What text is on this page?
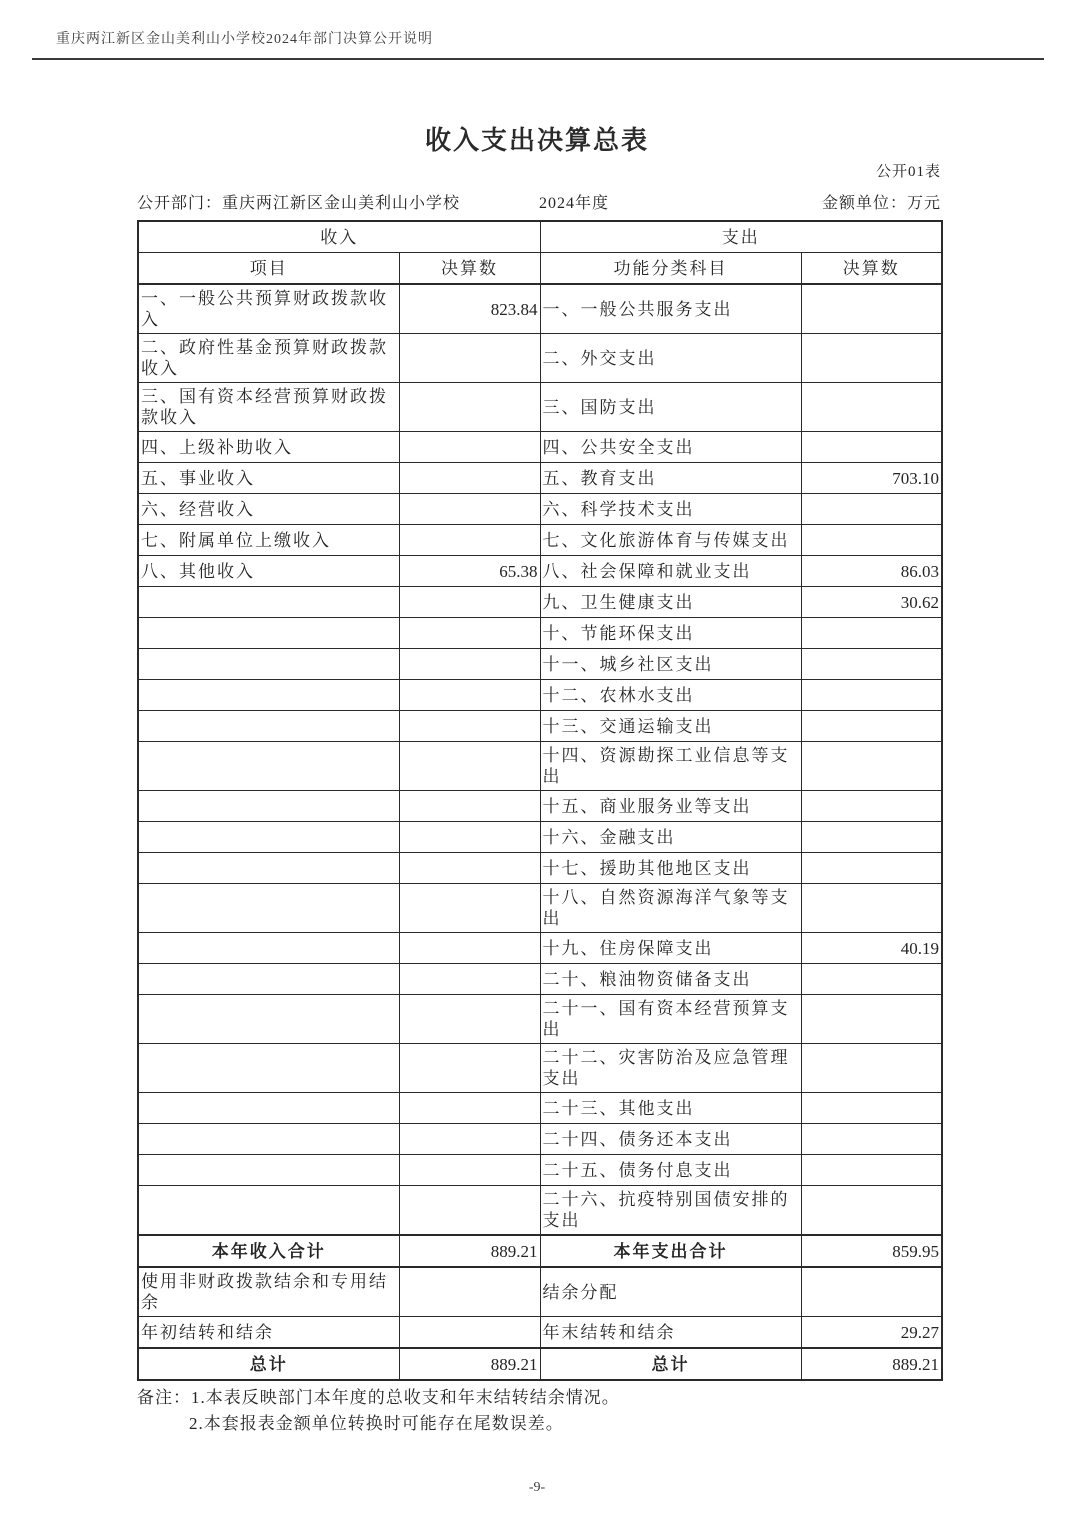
重庆两江新区金山美利山小学校2024年部门决算公开说明
收入支出决算总表
公开01表
公开部门：重庆两江新区金山美利山小学校	2024年度	金额单位：万元
收入		支出	
项目	决算数	功能分类科目	决算数
一、一般公共预算财政拨款收入	823.84	一、一般公共服务支出	
二、政府性基金预算财政拨款收入		二、外交支出	
三、国有资本经营预算财政拨款收入		三、国防支出	
四、上级补助收入		四、公共安全支出	
五、事业收入		五、教育支出	703.10
六、经营收入		六、科学技术支出	
七、附属单位上缴收入		七、文化旅游体育与传媒支出	
八、其他收入	65.38	八、社会保障和就业支出	86.03
		九、卫生健康支出	30.62
		十、节能环保支出	
		十一、城乡社区支出	
		十二、农林水支出	
		十三、交通运输支出	
		十四、资源勘探工业信息等支出	
		十五、商业服务业等支出	
		十六、金融支出	
		十七、援助其他地区支出	
		十八、自然资源海洋气象等支出	
		十九、住房保障支出	40.19
		二十、粮油物资储备支出	
		二十一、国有资本经营预算支出	
		二十二、灾害防治及应急管理支出	
		二十三、其他支出	
		二十四、债务还本支出	
		二十五、债务付息支出	
		二十六、抗疫特别国债安排的支出	
本年收入合计	889.21	本年支出合计	859.95
使用非财政拨款结余和专用结余		结余分配	
年初结转和结余		年末结转和结余	29.27
总计	889.21	总计	889.21
备注：1.本表反映部门本年度的总收支和年末结转结余情况。
2.本套报表金额单位转换时可能存在尾数误差。
-9-
